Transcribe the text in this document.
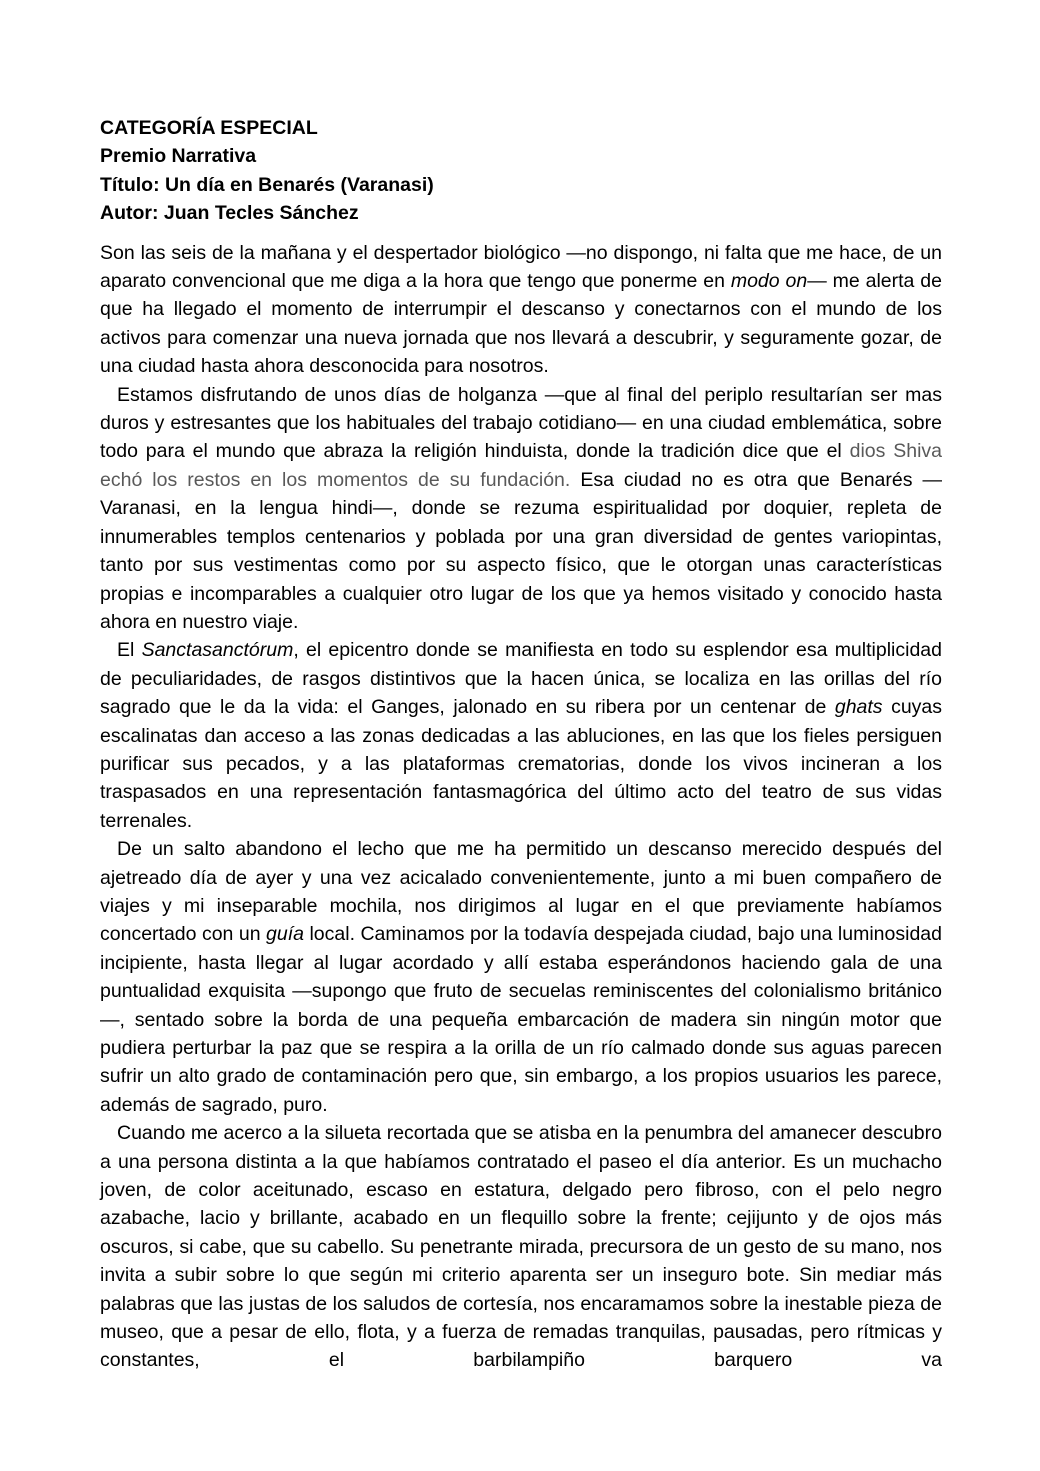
CATEGORÍA ESPECIAL

Premio Narrativa

Título: Un día en Benarés (Varanasi)

Autor: Juan Tecles Sánchez

Son las seis de la mañana y el despertador biológico —no dispongo, ni falta que me hace, de un aparato convencional que me diga a la hora que tengo que ponerme en modo on— me alerta de que ha llegado el momento de interrumpir el descanso y conectarnos con el mundo de los activos para comenzar una nueva jornada que nos llevará a descubrir, y seguramente gozar, de una ciudad hasta ahora desconocida para nosotros.

Estamos disfrutando de unos días de holganza —que al final del periplo resultarían ser mas duros y estresantes que los habituales del trabajo cotidiano— en una ciudad emblemática, sobre todo para el mundo que abraza la religión hinduista, donde la tradición dice que el dios Shiva echó los restos en los momentos de su fundación. Esa ciudad no es otra que Benarés —Varanasi, en la lengua hindi—, donde se rezuma espiritualidad por doquier, repleta de innumerables templos centenarios y poblada por una gran diversidad de gentes variopintas, tanto por sus vestimentas como por su aspecto físico, que le otorgan unas características propias e incomparables a cualquier otro lugar de los que ya hemos visitado y conocido hasta ahora en nuestro viaje.

El Sanctasanctórum, el epicentro donde se manifiesta en todo su esplendor esa multiplicidad de peculiaridades, de rasgos distintivos que la hacen única, se localiza en las orillas del río sagrado que le da la vida: el Ganges, jalonado en su ribera por un centenar de ghats cuyas escalinatas dan acceso a las zonas dedicadas a las abluciones, en las que los fieles persiguen purificar sus pecados, y a las plataformas crematorias, donde los vivos incineran a los traspasados en una representación fantasmagórica del último acto del teatro de sus vidas terrenales.

De un salto abandono el lecho que me ha permitido un descanso merecido después del ajetreado día de ayer y una vez acicalado convenientemente, junto a mi buen compañero de viajes y mi inseparable mochila, nos dirigimos al lugar en el que previamente habíamos concertado con un guía local. Caminamos por la todavía despejada ciudad, bajo una luminosidad incipiente, hasta llegar al lugar acordado y allí estaba esperándonos haciendo gala de una puntualidad exquisita —supongo que fruto de secuelas reminiscentes del colonialismo británico—, sentado sobre la borda de una pequeña embarcación de madera sin ningún motor que pudiera perturbar la paz que se respira a la orilla de un río calmado donde sus aguas parecen sufrir un alto grado de contaminación pero que, sin embargo, a los propios usuarios les parece, además de sagrado, puro.

Cuando me acerco a la silueta recortada que se atisba en la penumbra del amanecer descubro a una persona distinta a la que habíamos contratado el paseo el día anterior. Es un muchacho joven, de color aceitunado, escaso en estatura, delgado pero fibroso, con el pelo negro azabache, lacio y brillante, acabado en un flequillo sobre la frente; cejijunto y de ojos más oscuros, si cabe, que su cabello. Su penetrante mirada, precursora de un gesto de su mano, nos invita a subir sobre lo que según mi criterio aparenta ser un inseguro bote. Sin mediar más palabras que las justas de los saludos de cortesía, nos encaramamos sobre la inestable pieza de museo, que a pesar de ello, flota, y a fuerza de remadas tranquilas, pausadas, pero rítmicas y constantes, el barbilampiño barquero va
